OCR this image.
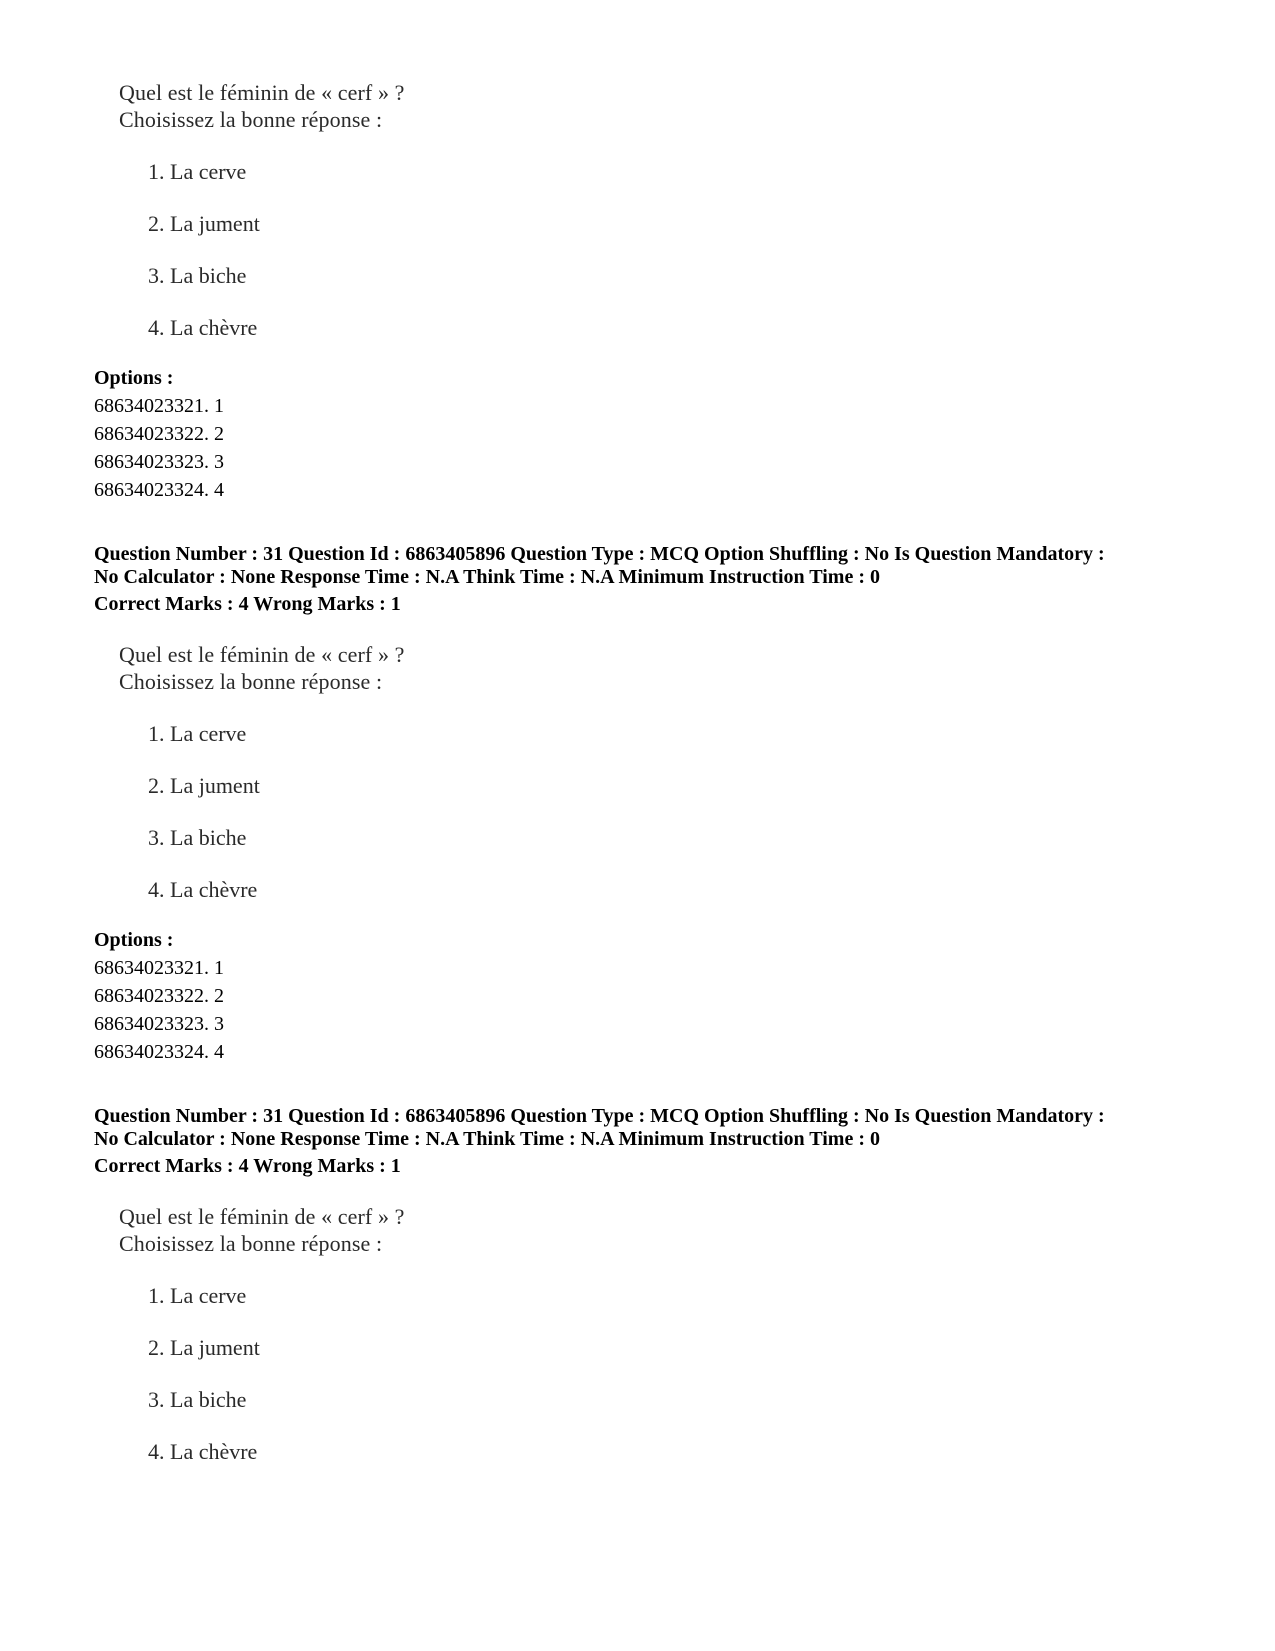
Quel est le féminin de « cerf » ?
Choisissez la bonne réponse :
1. La cerve
2. La jument
3. La biche
4. La chèvre
Options :
68634023321. 1
68634023322. 2
68634023323. 3
68634023324. 4
Question Number : 31 Question Id : 6863405896 Question Type : MCQ Option Shuffling : No Is Question Mandatory :
No Calculator : None Response Time : N.A Think Time : N.A Minimum Instruction Time : 0
Correct Marks : 4 Wrong Marks : 1
Quel est le féminin de « cerf » ?
Choisissez la bonne réponse :
1. La cerve
2. La jument
3. La biche
4. La chèvre
Options :
68634023321. 1
68634023322. 2
68634023323. 3
68634023324. 4
Question Number : 31 Question Id : 6863405896 Question Type : MCQ Option Shuffling : No Is Question Mandatory :
No Calculator : None Response Time : N.A Think Time : N.A Minimum Instruction Time : 0
Correct Marks : 4 Wrong Marks : 1
Quel est le féminin de « cerf » ?
Choisissez la bonne réponse :
1. La cerve
2. La jument
3. La biche
4. La chèvre
